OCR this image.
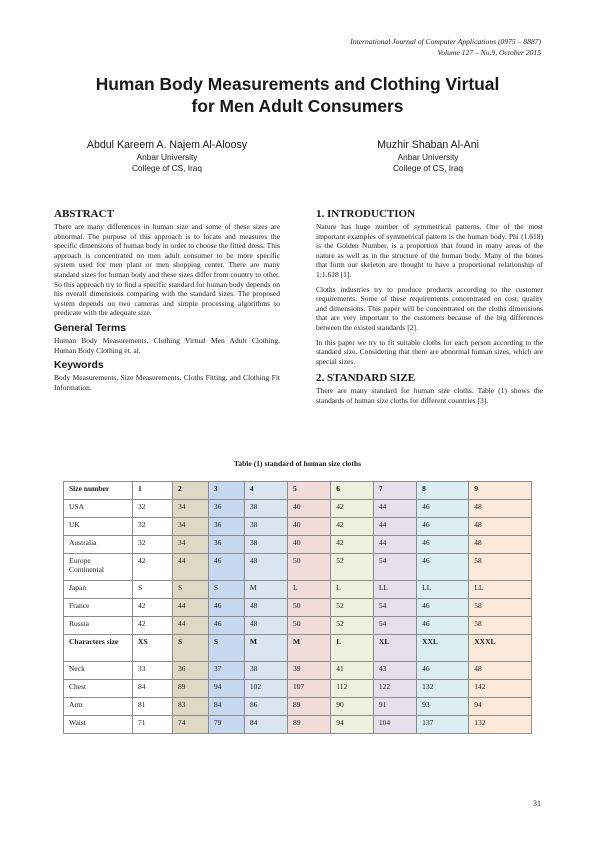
International Journal of Computer Applications (0975 – 8887)
Volume 127 – No.9, October 2015
Human Body Measurements and Clothing Virtual
for Men Adult Consumers
Abdul Kareem A. Najem Al-Aloosy
Anbar University
College of CS, Iraq
Muzhir Shaban Al-Ani
Anbar University
College of CS, Iraq
ABSTRACT

There are many differences in human size and some of these sizes are abnormal. The purpose of this approach is to locate and measures the specific dimensions of human body in order to choose the fitted dress. This approach is concentrated on men adult consumer to be more specific system used for men plant or men shopping center. There are many standard sizes for human body and these sizes differ from country to other. So this approach try to find a specific standard for human body depends on his overall dimensions comparing with the standard sizes. The proposed system depends on two cameras and simple processing algorithms to predicate with the adequate size.

General Terms

Human Body Measurements, Clothing Virtual Men Adult Clothing, Human Body Clothing et. al.

Keywords

Body Measurements, Size Measurements, Cloths Fitting, and Clothing Fit Information.

1. INTRODUCTION

Nature has huge number of symmetrical patterns. One of the most important examples of symmetrical pattern is the human body. Phi (1.618) is the Golden Number, is a proportion that found in many areas of the nature as well as in the structure of the human body. Many of the bones that form our skeleton are thought to have a proportional relationship of 1:1.618 [1].

Cloths industries try to produce products according to the customer requirements. Some of these requirements concentrated on cost, quality and dimensions. This paper will be concentrated on the cloths dimensions that are very important to the customers because of the big differences between the existed standards [2].

In this paper we try to fit suitable cloths for each person according to the standard size. Considering that there are abnormal human sizes, which are special sizes.

2. STANDARD SIZE

There are many standard for human size cloths. Table (1) shows the standards of human size cloths for different countries [3].

Table (1) standard of human size cloths
Size number	1	2	3	4	5	6	7	8	9
USA	32	34	36	38	40	42	44	46	48
UK	32	34	36	38	40	42	44	46	48
Australia	32	34	36	38	40	42	44	46	48
Europe Continental	42	44	46	48	50	52	54	46	58
Japan	S	S	S	M	L	L	LL	LL	LL
France	42	44	46	48	50	52	54	46	58
Russia	42	44	46	48	50	52	54	46	58
Characters size	XS	S	S	M	M	L	XL	XXL	XXXL
Neck	33	36	37	38	39	41	43	46	48
Chest	84	89	94	102	107	112	122	132	142
Arm	81	83	84	86	89	90	91	93	94
Waist	71	74	79	84	89	94	104	137	132
31
